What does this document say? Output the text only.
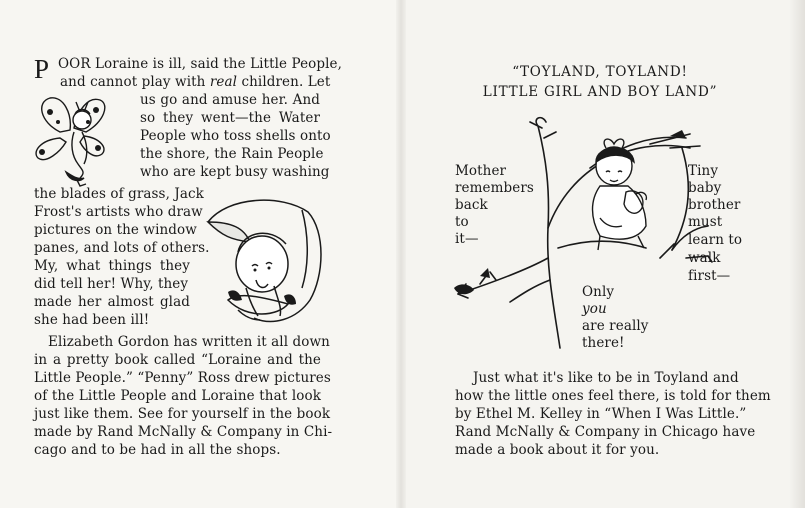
P OOR Loraine is ill, said the Little People,
and cannot play with real children. Let
us go and amuse her. And
so they went—the Water
People who toss shells onto
the shore, the Rain People
who are kept busy washing
the blades of grass, Jack
Frost's artists who draw
pictures on the window
panes, and lots of others.
My, what things they
did tell her! Why, they
made her almost glad
she had been ill!
Elizabeth Gordon has written it all down
in a pretty book called “Loraine and the
Little People.” “Penny” Ross drew pictures
of the Little People and Loraine that look
just like them. See for yourself in the book
made by Rand McNally & Company in Chi-
cago and to be had in all the shops.
“TOYLAND, TOYLAND!
LITTLE GIRL AND BOY LAND”
Mother
remembers
back
to
it—
Tiny
baby
brother
must
learn to
walk
first—
Only
you
are really
there!
Just what it's like to be in Toyland and
how the little ones feel there, is told for them
by Ethel M. Kelley in “When I Was Little.”
Rand McNally & Company in Chicago have
made a book about it for you.
